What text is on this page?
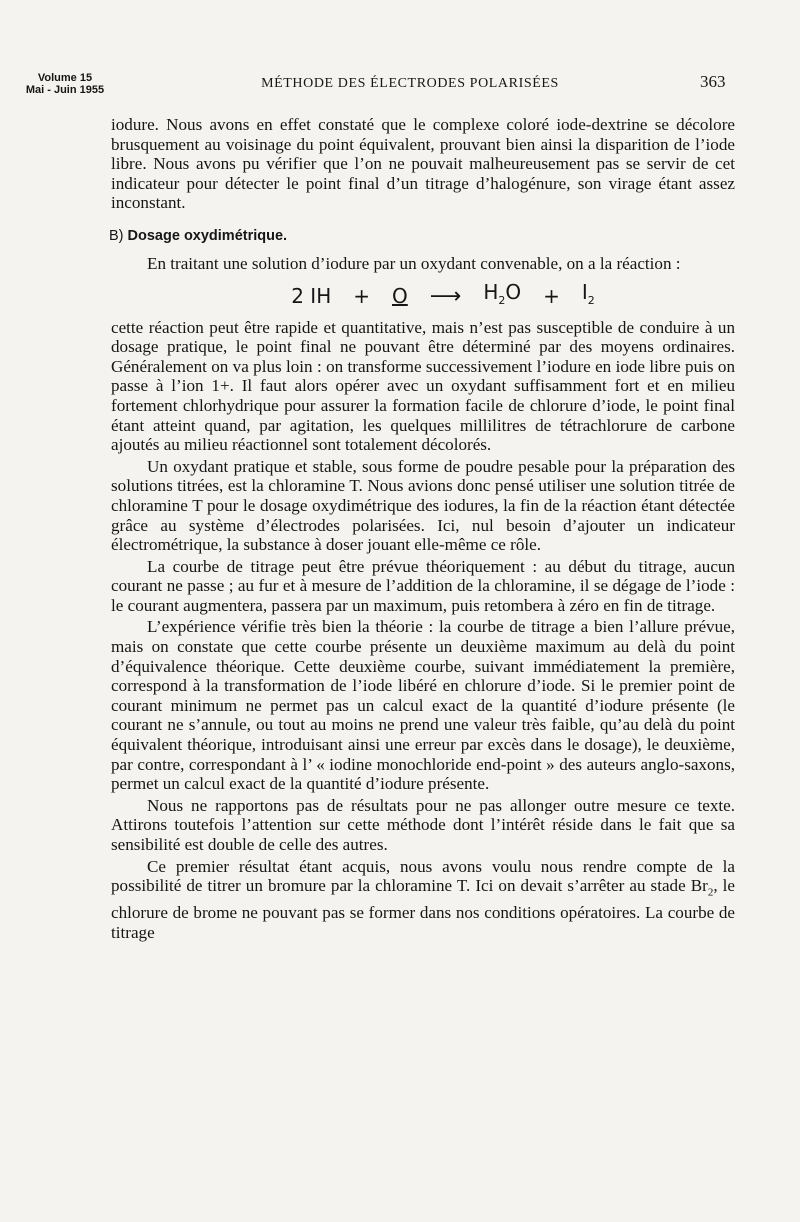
Volume 15
Mai - Juin 1955	MÉTHODE DES ÉLECTRODES POLARISÉES	363

iodure. Nous avons en effet constaté que le complexe coloré iode-dextrine se décolore brusquement au voisinage du point équivalent, prouvant bien ainsi la disparition de l’iode libre. Nous avons pu vérifier que l’on ne pouvait malheureusement pas se servir de cet indicateur pour détecter le point final d’un titrage d’halogénure, son virage étant assez inconstant.

B) Dosage oxydimétrique.

En traitant une solution d’iodure par un oxydant convenable, on a la réaction :

2 IH + O ⟶ $H_2O + I_2$

cette réaction peut être rapide et quantitative, mais n’est pas susceptible de conduire à un dosage pratique, le point final ne pouvant être déterminé par des moyens ordinaires. Généralement on va plus loin : on transforme successivement l’iodure en iode libre puis on passe à l’ion 1+. Il faut alors opérer avec un oxydant suffisamment fort et en milieu fortement chlorhydrique pour assurer la formation facile de chlorure d’iode, le point final étant atteint quand, par agitation, les quelques millilitres de tétrachlorure de carbone ajoutés au milieu réactionnel sont totalement décolorés.

Un oxydant pratique et stable, sous forme de poudre pesable pour la préparation des solutions titrées, est la chloramine T. Nous avions donc pensé utiliser une solution titrée de chloramine T pour le dosage oxydimétrique des iodures, la fin de la réaction étant détectée grâce au système d’électrodes polarisées. Ici, nul besoin d’ajouter un indicateur électrométrique, la substance à doser jouant elle-même ce rôle.

La courbe de titrage peut être prévue théoriquement : au début du titrage, aucun courant ne passe ; au fur et à mesure de l’addition de la chloramine, il se dégage de l’iode : le courant augmentera, passera par un maximum, puis retombera à zéro en fin de titrage.

L’expérience vérifie très bien la théorie : la courbe de titrage a bien l’allure prévue, mais on constate que cette courbe présente un deuxième maximum au delà du point d’équivalence théorique. Cette deuxième courbe, suivant immédiatement la première, correspond à la transformation de l’iode libéré en chlorure d’iode. Si le premier point de courant minimum ne permet pas un calcul exact de la quantité d’iodure présente (le courant ne s’annule, ou tout au moins ne prend une valeur très faible, qu’au delà du point équivalent théorique, introduisant ainsi une erreur par excès dans le dosage), le deuxième, par contre, correspondant à l’ « iodine monochloride end-point » des auteurs anglo-saxons, permet un calcul exact de la quantité d’iodure présente.

Nous ne rapportons pas de résultats pour ne pas allonger outre mesure ce texte. Attirons toutefois l’attention sur cette méthode dont l’intérêt réside dans le fait que sa sensibilité est double de celle des autres.

Ce premier résultat étant acquis, nous avons voulu nous rendre compte de la possibilité de titrer un bromure par la chloramine T. Ici on devait s’arrêter au stade $Br_2$, le chlorure de brome ne pouvant pas se former dans nos conditions opératoires. La courbe de titrage
